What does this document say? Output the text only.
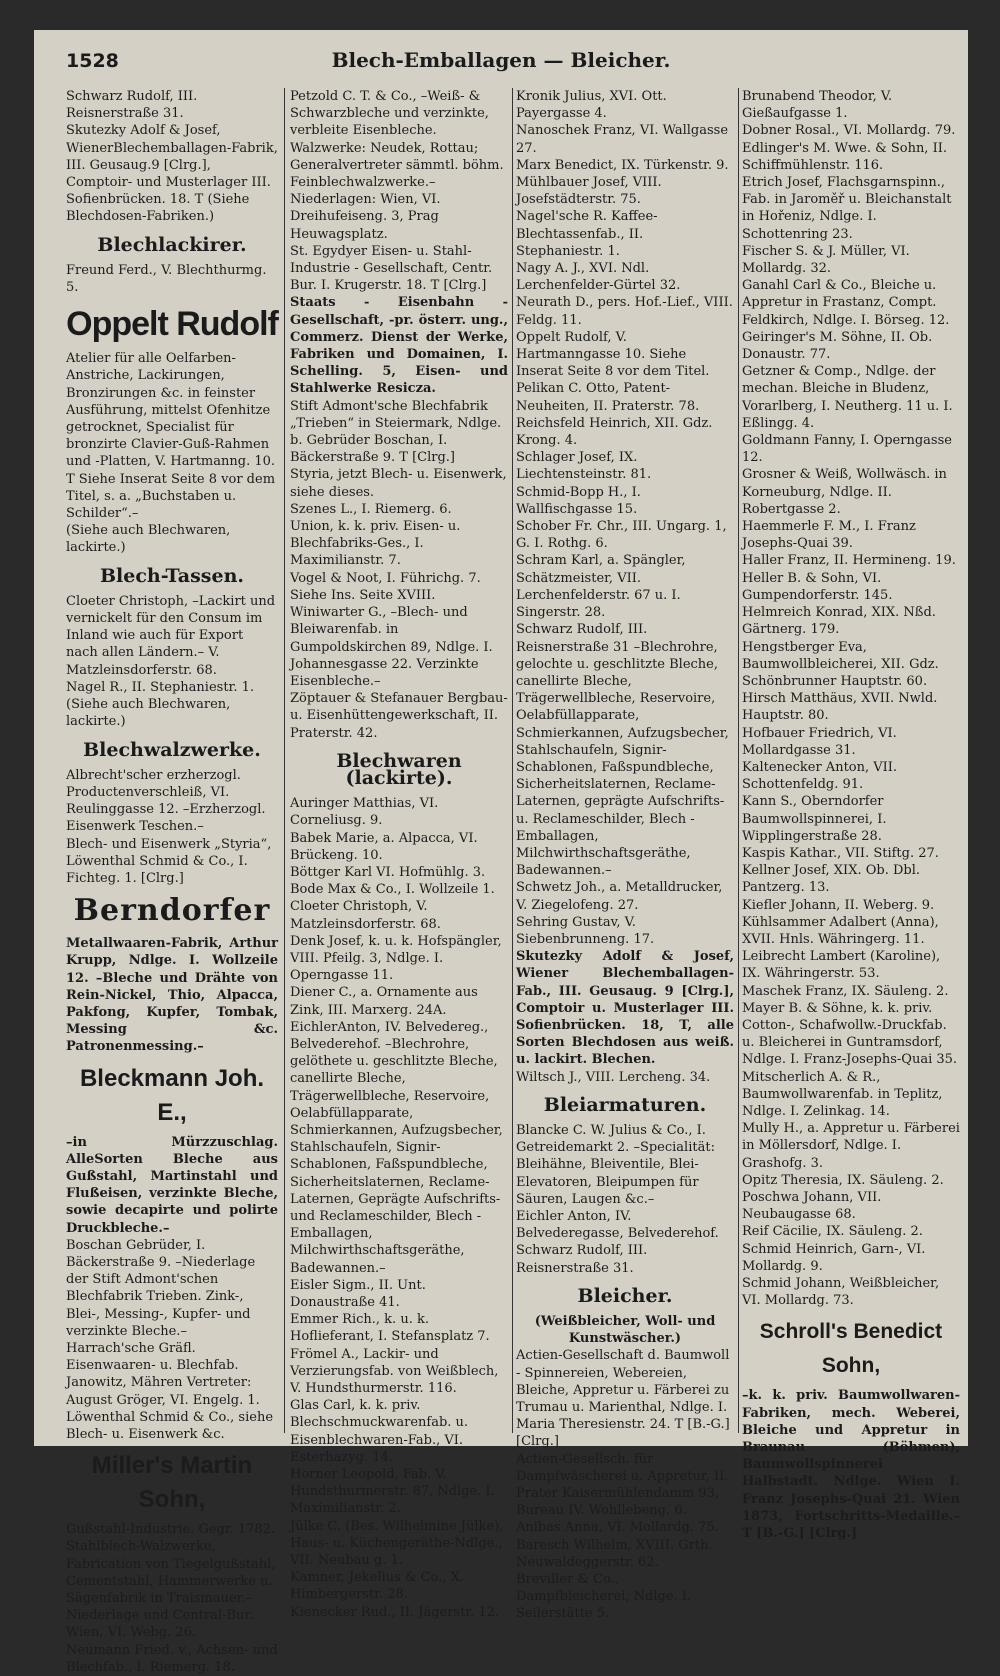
1528	Blech-Emballagen — Bleicher.
Schwarz Rudolf, III. Reisnerstraße 31.
Skutezky Adolf & Josef, WienerBlechemballagen-Fabrik, III. Geusaug.9 [Clrg.], Comptoir- und Musterlager III. Sofienbrücken. 18. T (Siehe Blechdosen-Fabriken.)
Blechlackirer.
Freund Ferd., V. Blechthurmg. 5.
Oppelt Rudolf
Atelier für alle Oelfarben-Anstriche, Lackirungen, Bronzirungen &c. in feinster Ausführung, mittelst Ofenhitze getrocknet, Specialist für bronzirte Clavier-Guß-Rahmen und -Platten, V. Hartmanng. 10. T Siehe Inserat Seite 8 vor dem Titel, s. a. „Buchstaben u. Schilder“.–
(Siehe auch Blechwaren, lackirte.)
Blech-Tassen.
Cloeter Christoph, –Lackirt und vernickelt für den Consum im Inland wie auch für Export nach allen Ländern.– V. Matzleinsdorferstr. 68.
Nagel R., II. Stephaniestr. 1.
(Siehe auch Blechwaren, lackirte.)
Blechwalzwerke.
Albrecht'scher erzherzogl. Productenverschleiß, VI. Reulinggasse 12. –Erzherzogl. Eisenwerk Teschen.–
Blech- und Eisenwerk „Styria“, Löwenthal Schmid & Co., I. Fichteg. 1. [Clrg.]
Berndorfer
Metallwaaren-Fabrik, Arthur Krupp, Ndlge. I. Wollzeile 12. –Bleche und Drähte von Rein-Nickel, Thio, Alpacca, Pakfong, Kupfer, Tombak, Messing &c. Patronenmessing.–
Bleckmann Joh. E.,
–in Mürzzuschlag. AlleSorten Bleche aus Gußstahl, Martinstahl und Flußeisen, verzinkte Bleche, sowie decapirte und polirte Druckbleche.–
Boschan Gebrüder, I. Bäckerstraße 9. –Niederlage der Stift Admont'schen Blechfabrik Trieben. Zink-, Blei-, Messing-, Kupfer- und verzinkte Bleche.–
Harrach'sche Gräfl. Eisenwaaren- u. Blechfab. Janowitz, Mähren Vertreter: August Gröger, VI. Engelg. 1.
Löwenthal Schmid & Co., siehe Blech- u. Eisenwerk &c.
Miller's Martin Sohn,
Gußstahl-Industrie. Gegr. 1782. Stahlblech-Walzwerke, Fabrication von Tiegelgußstahl, Cementstahl, Hammerwerke u. Sägenfabrik in Traismauer.– Niederlage und Central-Bur. Wien, VI. Webg. 26.
Neumann Fried. v., Achsen- und Blechfab., I. Riemerg. 18.
Petzold C. T. & Co., –Weiß- & Schwarzbleche und verzinkte, verbleite Eisenbleche. Walzwerke: Neudek, Rottau; Generalvertreter sämmtl. böhm. Feinblechwalzwerke.– Niederlagen: Wien, VI. Dreihufeiseng. 3, Prag Heuwagsplatz.
St. Egydyer Eisen- u. Stahl-Industrie - Gesellschaft, Centr. Bur. I. Krugerstr. 18. T [Clrg.]
Staats - Eisenbahn - Gesellschaft, -pr. österr. ung., Commerz. Dienst der Werke, Fabriken und Domainen, I. Schelling. 5, Eisen- und Stahlwerke Resicza.
Stift Admont'sche Blechfabrik „Trieben“ in Steiermark, Ndlge. b. Gebrüder Boschan, I. Bäckerstraße 9. T [Clrg.]
Styria, jetzt Blech- u. Eisenwerk, siehe dieses.
Szenes L., I. Riemerg. 6.
Union, k. k. priv. Eisen- u. Blechfabriks-Ges., I. Maximilianstr. 7.
Vogel & Noot, I. Führichg. 7. Siehe Ins. Seite XVIII.
Winiwarter G., –Blech- und Bleiwarenfab. in Gumpoldskirchen 89, Ndlge. I. Johannesgasse 22. Verzinkte Eisenbleche.–
Zöptauer & Stefanauer Bergbau- u. Eisenhüttengewerkschaft, II. Praterstr. 42.
Blechwaren (lackirte).
Auringer Matthias, VI. Corneliusg. 9.
Babek Marie, a. Alpacca, VI. Brückeng. 10.
Böttger Karl VI. Hofmühlg. 3.
Bode Max & Co., I. Wollzeile 1.
Cloeter Christoph, V. Matzleinsdorferstr. 68.
Denk Josef, k. u. k. Hofspängler, VIII. Pfeilg. 3, Ndlge. I. Operngasse 11.
Diener C., a. Ornamente aus Zink, III. Marxerg. 24A.
EichlerAnton, IV. Belvedereg., Belvederehof. –Blechrohre, gelöthete u. geschlitzte Bleche, canellirte Bleche, Trägerwellbleche, Reservoire, Oelabfüllapparate, Schmierkannen, Aufzugsbecher, Stahlschaufeln, Signir-Schablonen, Faßspundbleche, Sicherheitslaternen, Reclame-Laternen, Geprägte Aufschrifts- und Reclameschilder, Blech - Emballagen, Milchwirthschaftsgeräthe, Badewannen.–
Eisler Sigm., II. Unt. Donaustraße 41.
Emmer Rich., k. u. k. Hoflieferant, I. Stefansplatz 7.
Frömel A., Lackir- und Verzierungsfab. von Weißblech, V. Hundsthurmerstr. 116.
Glas Carl, k. k. priv. Blechschmuckwarenfab. u. Eisenblechwaren-Fab., VI. Esterhazyg. 14.
Horner Leopold, Fab. V. Hundsthurmerstr. 87, Ndlge. I. Maximilianstr. 2.
Jülke C. (Bes. Wilhelmine Jülke), Haus- u. Küchengeräthe-Ndlge., VII. Neubau g. 1.
Kamner, Jekelius & Co., X. Himbergerstr. 28.
Kienecker Rud., II. Jägerstr. 12.
Kronik Julius, XVI. Ott. Payergasse 4.
Nanoschek Franz, VI. Wallgasse 27.
Marx Benedict, IX. Türkenstr. 9.
Mühlbauer Josef, VIII. Josefstädterstr. 75.
Nagel'sche R. Kaffee-Blechtassenfab., II. Stephaniestr. 1.
Nagy A. J., XVI. Ndl. Lerchenfelder-Gürtel 32.
Neurath D., pers. Hof.-Lief., VIII. Feldg. 11.
Oppelt Rudolf, V. Hartmanngasse 10. Siehe Inserat Seite 8 vor dem Titel.
Pelikan C. Otto, Patent-Neuheiten, II. Praterstr. 78.
Reichsfeld Heinrich, XII. Gdz. Krong. 4.
Schlager Josef, IX. Liechtensteinstr. 81.
Schmid-Bopp H., I. Wallfischgasse 15.
Schober Fr. Chr., III. Ungarg. 1, G. I. Rothg. 6.
Schram Karl, a. Spängler, Schätzmeister, VII. Lerchenfelderstr. 67 u. I. Singerstr. 28.
Schwarz Rudolf, III. Reisnerstraße 31 –Blechrohre, gelochte u. geschlitzte Bleche, canellirte Bleche, Trägerwellbleche, Reservoire, Oelabfüllapparate, Schmierkannen, Aufzugsbecher, Stahlschaufeln, Signir-Schablonen, Faßspundbleche, Sicherheitslaternen, Reclame-Laternen, geprägte Aufschrifts- u. Reclameschilder, Blech - Emballagen, Milchwirthschaftsgeräthe, Badewannen.–
Schwetz Joh., a. Metalldrucker, V. Ziegelofeng. 27.
Sehring Gustav, V. Siebenbrunneng. 17.
Skutezky Adolf & Josef, Wiener Blechemballagen-Fab., III. Geusaug. 9 [Clrg.], Comptoir u. Musterlager III. Sofienbrücken. 18, T, alle Sorten Blechdosen aus weiß. u. lackirt. Blechen.
Wiltsch J., VIII. Lercheng. 34.
Bleiarmaturen.
Blancke C. W. Julius & Co., I. Getreidemarkt 2. –Specialität: Bleihähne, Bleiventile, Blei-Elevatoren, Bleipumpen für Säuren, Laugen &c.–
Eichler Anton, IV. Belvederegasse, Belvederehof.
Schwarz Rudolf, III. Reisnerstraße 31.
Bleicher.
(Weißbleicher, Woll- und Kunstwäscher.)
Actien-Gesellschaft d. Baumwoll - Spinnereien, Webereien, Bleiche, Appretur u. Färberei zu Trumau u. Marienthal, Ndlge. I. Maria Theresienstr. 24. T [B.-G.] [Clrg.]
Actien-Gesellsch. für Dampfwäscherei u. Appretur, II. Prater Kaisermühlendamm 93, Bureau IV. Wohllebeng. 6.
Anibas Anna, VI. Mollardg. 75.
Baresch Wilhelm, XVIII. Grth. Neuwaldeggerstr. 62.
Breviller & Co., Dampfbleicherei, Ndlge. I. Seilerstätte 5.
Brunabend Theodor, V. Gießaufgasse 1.
Dobner Rosal., VI. Mollardg. 79.
Edlinger's M. Wwe. & Sohn, II. Schiffmühlenstr. 116.
Etrich Josef, Flachsgarnspinn., Fab. in Jaroměř u. Bleichanstalt in Hořeniz, Ndlge. I. Schottenring 23.
Fischer S. & J. Müller, VI. Mollardg. 32.
Ganahl Carl & Co., Bleiche u. Appretur in Frastanz, Compt. Feldkirch, Ndlge. I. Börseg. 12.
Geiringer's M. Söhne, II. Ob. Donaustr. 77.
Getzner & Comp., Ndlge. der mechan. Bleiche in Bludenz, Vorarlberg, I. Neutherg. 11 u. I. Eßlingg. 4.
Goldmann Fanny, I. Operngasse 12.
Grosner & Weiß, Wollwäsch. in Korneuburg, Ndlge. II. Robertgasse 2.
Haemmerle F. M., I. Franz Josephs-Quai 39.
Haller Franz, II. Hermineng. 19.
Heller B. & Sohn, VI. Gumpendorferstr. 145.
Helmreich Konrad, XIX. Nßd. Gärtnerg. 179.
Hengstberger Eva, Baumwollbleicherei, XII. Gdz. Schönbrunner Hauptstr. 60.
Hirsch Matthäus, XVII. Nwld. Hauptstr. 80.
Hofbauer Friedrich, VI. Mollardgasse 31.
Kaltenecker Anton, VII. Schottenfeldg. 91.
Kann S., Oberndorfer Baumwollspinnerei, I. Wipplingerstraße 28.
Kaspis Kathar., VII. Stiftg. 27.
Kellner Josef, XIX. Ob. Dbl. Pantzerg. 13.
Kiefler Johann, II. Weberg. 9.
Kühlsammer Adalbert (Anna), XVII. Hnls. Währingerg. 11.
Leibrecht Lambert (Karoline), IX. Währingerstr. 53.
Maschek Franz, IX. Säuleng. 2.
Mayer B. & Söhne, k. k. priv. Cotton-, Schafwollw.-Druckfab. u. Bleicherei in Guntramsdorf, Ndlge. I. Franz-Josephs-Quai 35.
Mitscherlich A. & R., Baumwollwarenfab. in Teplitz, Ndlge. I. Zelinkag. 14.
Mully H., a. Appretur u. Färberei in Möllersdorf, Ndlge. I. Grashofg. 3.
Opitz Theresia, IX. Säuleng. 2.
Poschwa Johann, VII. Neubaugasse 68.
Reif Cäcilie, IX. Säuleng. 2.
Schmid Heinrich, Garn-, VI. Mollardg. 9.
Schmid Johann, Weißbleicher, VI. Mollardg. 73.
Schroll's Benedict Sohn,
–k. k. priv. Baumwollwaren-Fabriken, mech. Weberei, Bleiche und Appretur in Braunau (Böhmen), Baumwollspinnerei Halbstadt. Ndlge. Wien I. Franz Josephs-Quai 21. Wien 1873, Fortschritts-Medaille.– T [B.-G.] [Clrg.]
